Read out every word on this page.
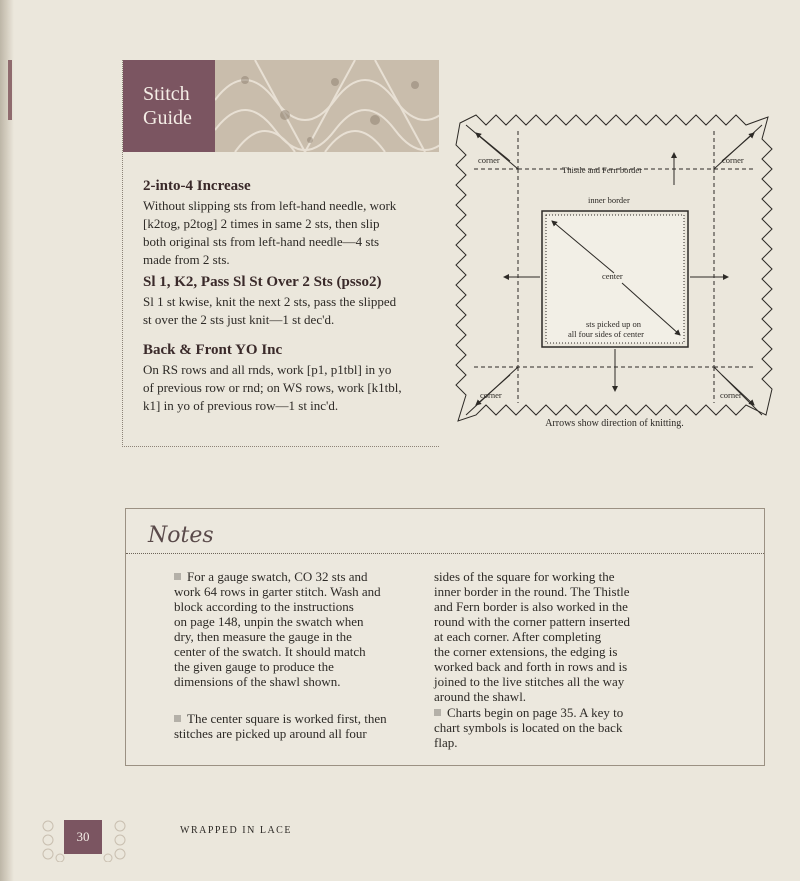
Stitch
Guide
2-into-4 Increase

Without slipping sts from left-hand needle, work
[k2tog, p2tog] 2 times in same 2 sts, then slip
both original sts from left-hand needle—4 sts
made from 2 sts.

Sl 1, K2, Pass Sl St Over 2 Sts (psso2)

Sl 1 st kwise, knit the next 2 sts, pass the slipped
st over the 2 sts just knit—1 st dec'd.

Back & Front YO Inc

On RS rows and all rnds, work [p1, p1tbl] in yo
of previous row or rnd; on WS rows, work [k1tbl,
k1] in yo of previous row—1 st inc'd.

corner	corner
corner	corner
Thistle and Fern border
inner border
center
sts picked up on
all four sides of center
Arrows show direction of knitting.
Notes
For a gauge swatch, CO 32 sts and
work 64 rows in garter stitch. Wash and
block according to the instructions
on page 148, unpin the swatch when
dry, then measure the gauge in the
center of the swatch. It should match
the given gauge to produce the
dimensions of the shawl shown.
The center square is worked first, then
stitches are picked up around all four
sides of the square for working the
inner border in the round. The Thistle
and Fern border is also worked in the
round with the corner pattern inserted
at each corner. After completing
the corner extensions, the edging is
worked back and forth in rows and is
joined to the live stitches all the way
around the shawl.
Charts begin on page 35. A key to
chart symbols is located on the back
flap.
30	WRAPPED IN LACE
